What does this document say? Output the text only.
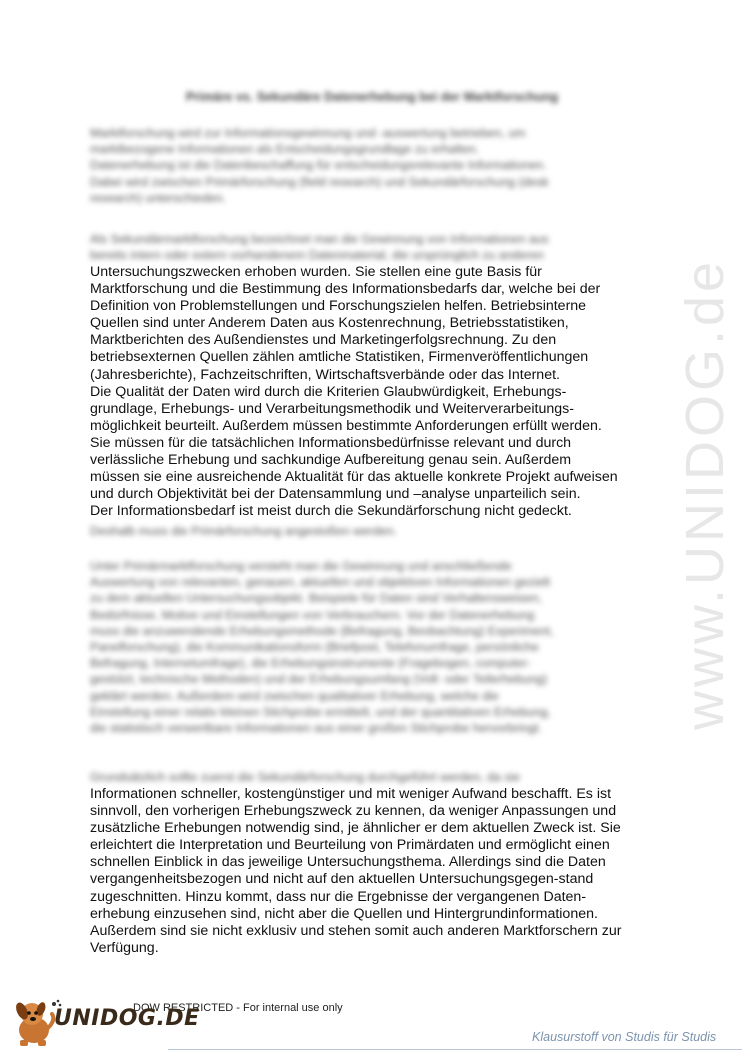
Primäre vs. Sekundäre Datenerhebung bei der Marktforschung
Marktforschung wird zur Informationsgewinnung und -auswertung betrieben, um
marktbezogene Informationen als Entscheidungsgrundlage zu erhalten.
Datenerhebung ist die Datenbeschaffung für entscheidungsrelevante Informationen.
Dabei wird zwischen Primärforschung (field research) und Sekundärforschung (desk
research) unterschieden.
Als Sekundärmarktforschung bezeichnet man die Gewinnung von Informationen aus
bereits intern oder extern vorhandenem Datenmaterial, die ursprünglich zu anderen
Untersuchungszwecken erhoben wurden. Sie stellen eine gute Basis für
Marktforschung und die Bestimmung des Informationsbedarfs dar, welche bei der
Definition von Problemstellungen und Forschungszielen helfen. Betriebsinterne
Quellen sind unter Anderem Daten aus Kostenrechnung, Betriebsstatistiken,
Marktberichten des Außendienstes und Marketingerfolgsrechnung. Zu den
betriebsexternen Quellen zählen amtliche Statistiken, Firmenveröffentlichungen
(Jahresberichte), Fachzeitschriften, Wirtschaftsverbände oder das Internet.
Die Qualität der Daten wird durch die Kriterien Glaubwürdigkeit, Erhebungs-
grundlage, Erhebungs- und Verarbeitungsmethodik und Weiterverarbeitungs-
möglichkeit beurteilt. Außerdem müssen bestimmte Anforderungen erfüllt werden.
Sie müssen für die tatsächlichen Informationsbedürfnisse relevant und durch
verlässliche Erhebung und sachkundige Aufbereitung genau sein. Außerdem
müssen sie eine ausreichende Aktualität für das aktuelle konkrete Projekt aufweisen
und durch Objektivität bei der Datensammlung und –analyse unparteilich sein.
Der Informationsbedarf ist meist durch die Sekundärforschung nicht gedeckt.
Deshalb muss die Primärforschung angestoßen werden.
Unter Primärmarktforschung versteht man die Gewinnung und anschließende
Auswertung von relevanten, genauen, aktuellen und objektiven Informationen gezielt
zu dem aktuellen Untersuchungsobjekt. Beispiele für Daten sind Verhaltensweisen,
Bedürfnisse, Motive und Einstellungen von Verbrauchern. Vor der Datenerhebung
muss die anzuwendende Erhebungsmethode (Befragung, Beobachtung) Experiment,
Panelforschung), die Kommunikationsform (Briefpost, Telefonumfrage, persönliche
Befragung, Internetumfrage), die Erhebungsinstrumente (Fragebogen, computer-
gestützt, technische Methoden) und der Erhebungsumfang (Voll- oder Teilerhebung)
geklärt werden. Außerdem wird zwischen qualitativer Erhebung, welche die
Einstellung einer relativ kleinen Stichprobe ermittelt, und der quantitativen Erhebung,
die statistisch verwertbare Informationen aus einer großen Stichprobe hervorbringt.
Grundsätzlich sollte zuerst die Sekundärforschung durchgeführt werden, da sie
Informationen schneller, kostengünstiger und mit weniger Aufwand beschafft. Es ist
sinnvoll, den vorherigen Erhebungszweck zu kennen, da weniger Anpassungen und
zusätzliche Erhebungen notwendig sind, je ähnlicher er dem aktuellen Zweck ist. Sie
erleichtert die Interpretation und Beurteilung von Primärdaten und ermöglicht einen
schnellen Einblick in das jeweilige Untersuchungsthema. Allerdings sind die Daten
vergangenheitsbezogen und nicht auf den aktuellen Untersuchungsgegen-stand
zugeschnitten. Hinzu kommt, dass nur die Ergebnisse der vergangenen Daten-
erhebung einzusehen sind, nicht aber die Quellen und Hintergrundinformationen.
Außerdem sind sie nicht exklusiv und stehen somit auch anderen Marktforschern zur
Verfügung.
www.UNIDOG.de
DOW RESTRICTED - For internal use only
UNIDOG.DE
Klausurstoff von Studis für Studis
